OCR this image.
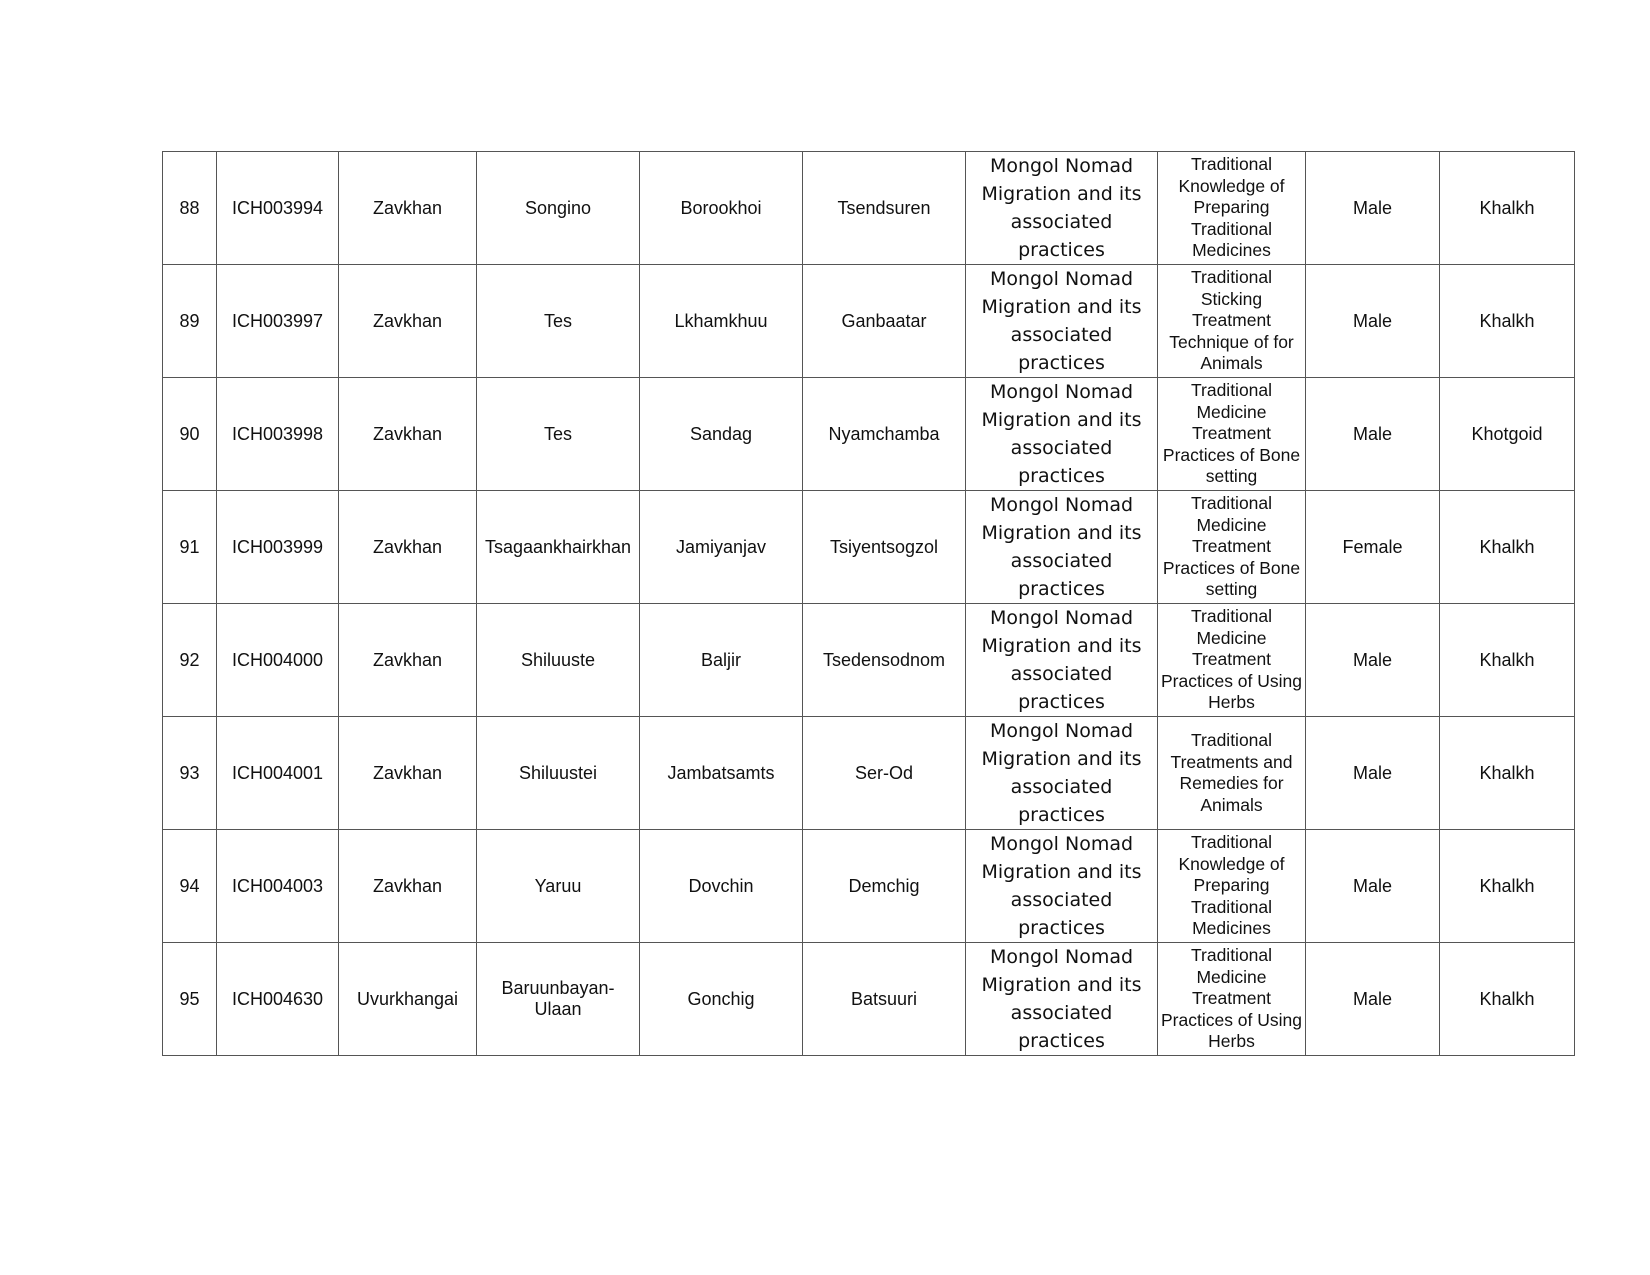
88	ICH003994	Zavkhan	Songino	Borookhoi	Tsendsuren	Mongol Nomad Migration and its associated practices	Traditional Knowledge of Preparing Traditional Medicines	Male	Khalkh
89	ICH003997	Zavkhan	Tes	Lkhamkhuu	Ganbaatar	Mongol Nomad Migration and its associated practices	Traditional Sticking Treatment Technique of for Animals	Male	Khalkh
90	ICH003998	Zavkhan	Tes	Sandag	Nyamchamba	Mongol Nomad Migration and its associated practices	Traditional Medicine Treatment Practices of Bone setting	Male	Khotgoid
91	ICH003999	Zavkhan	Tsagaankhairkhan	Jamiyanjav	Tsiyentsogzol	Mongol Nomad Migration and its associated practices	Traditional Medicine Treatment Practices of Bone setting	Female	Khalkh
92	ICH004000	Zavkhan	Shiluuste	Baljir	Tsedensodnom	Mongol Nomad Migration and its associated practices	Traditional Medicine Treatment Practices of Using Herbs	Male	Khalkh
93	ICH004001	Zavkhan	Shiluustei	Jambatsamts	Ser-Od	Mongol Nomad Migration and its associated practices	Traditional Treatments and Remedies for Animals	Male	Khalkh
94	ICH004003	Zavkhan	Yaruu	Dovchin	Demchig	Mongol Nomad Migration and its associated practices	Traditional Knowledge of Preparing Traditional Medicines	Male	Khalkh
95	ICH004630	Uvurkhangai	Baruunbayan-Ulaan	Gonchig	Batsuuri	Mongol Nomad Migration and its associated practices	Traditional Medicine Treatment Practices of Using Herbs	Male	Khalkh
